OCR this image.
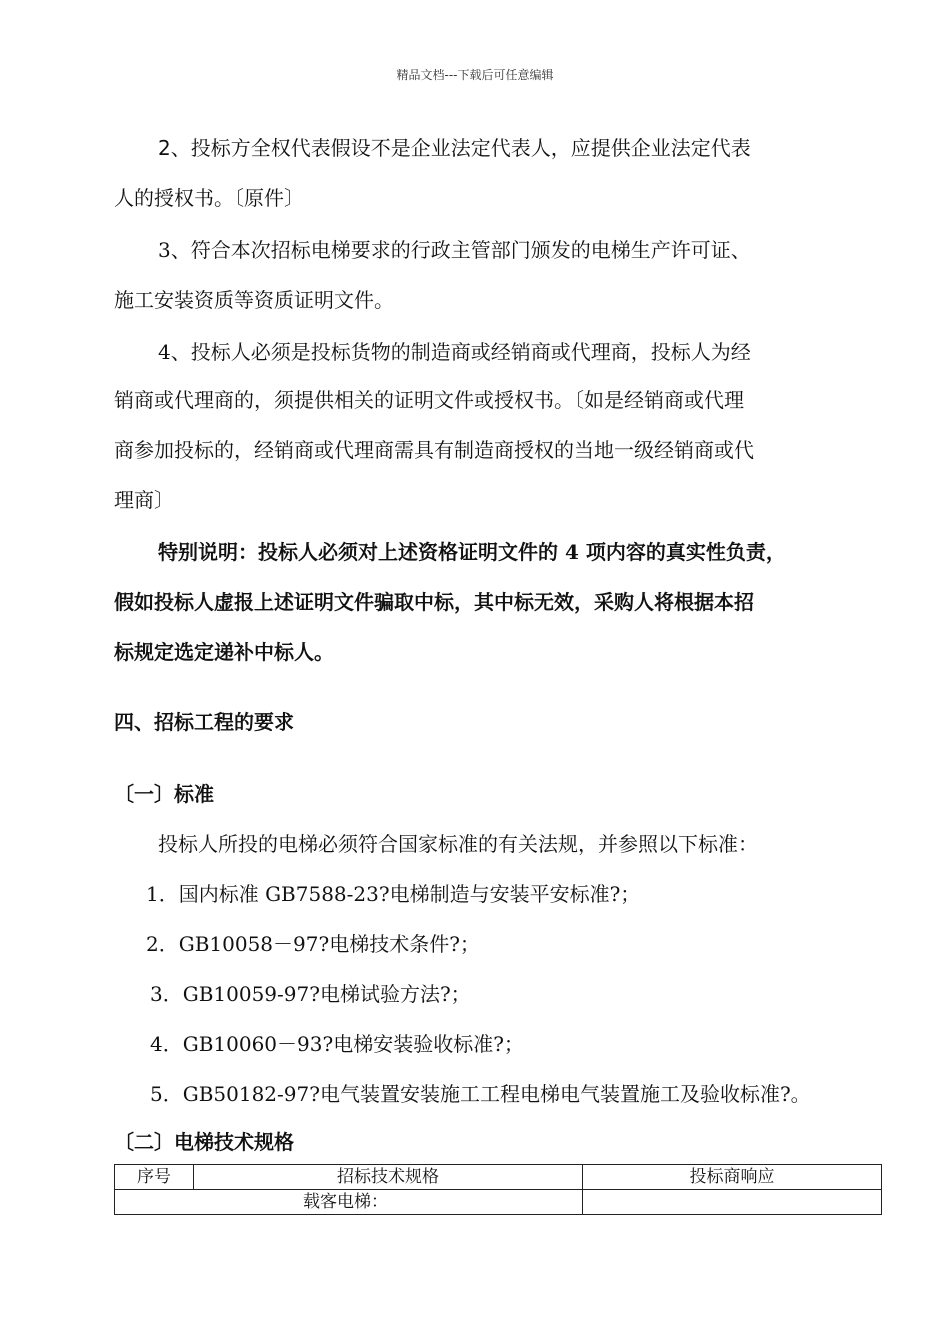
精品文档---下载后可任意编辑

2、投标方全权代表假设不是企业法定代表人，应提供企业法定代表

人的授权书。〔原件〕

3、符合本次招标电梯要求的行政主管部门颁发的电梯生产许可证、

施工安装资质等资质证明文件。

4、投标人必须是投标货物的制造商或经销商或代理商，投标人为经

销商或代理商的，须提供相关的证明文件或授权书。〔如是经销商或代理

商参加投标的，经销商或代理商需具有制造商授权的当地一级经销商或代

理商〕

特别说明：投标人必须对上述资格证明文件的 4 项内容的真实性负责，

假如投标人虚报上述证明文件骗取中标，其中标无效，采购人将根据本招

标规定选定递补中标人。

四、招标工程的要求

〔一〕标准

投标人所投的电梯必须符合国家标准的有关法规，并参照以下标准：

1．国内标准 GB7588-23?电梯制造与安装平安标准?；

2．GB10058－97?电梯技术条件?；

3．GB10059-97?电梯试验方法?；

4．GB10060－93?电梯安装验收标准?；

5．GB50182-97?电气装置安装施工工程电梯电气装置施工及验收标准?。

〔二〕电梯技术规格

序号	招标技术规格	投标商响应
载客电梯：		
